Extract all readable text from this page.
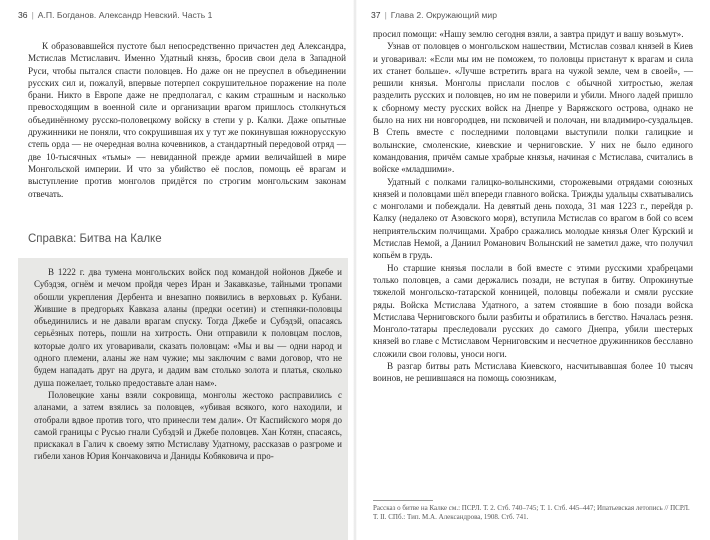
36 | А.П. Богданов. Александр Невский. Часть 1

К образовавшейся пустоте был непосредственно причастен дед Александра, Мстислав Мстиславич. Именно Удатный князь, бросив свои дела в Западной Руси, чтобы пытался спасти половцев. Но даже он не преуспел в объединении русских сил и, пожалуй, впервые потерпел сокрушительное поражение на поле брани. Никто в Европе даже не предполагал, с каким страшным и насколько превосходящим в военной силе и организации врагом пришлось столкнуться объединённому русско-половецкому войску в степи у р. Калки. Даже опытные дружинники не поняли, что сокрушившая их у тут же покинувшая южнорусскую степь орда — не очередная волна кочевников, а стандартный передовой отряд — две 10-тысячных «тьмы» — невиданной прежде армии величайшей в мире Монгольской империи. И что за убийство её послов, помощь её врагам и выступление против монголов придётся по строгим монгольским законам отвечать.

Справка: Битва на Калке

В 1222 г. два тумена монгольских войск под командой нойонов Джебе и Субэдэя, огнём и мечом пройдя через Иран и Закавказье, тайными тропами обошли укрепления Дербента и внезапно появились в верховьях р. Кубани. Жившие в предгорьях Кавказа аланы (предки осетин) и степняки-половцы объединились и не давали врагам спуску. Тогда Джебе и Субэдэй, опасаясь серьёзных потерь, пошли на хитрость. Они отправили к половцам послов, которые долго их уговаривали, сказать половцам: «Мы и вы — одни народ и одного племени, аланы же нам чужие; мы заключим с вами договор, что не будем нападать друг на друга, и дадим вам столько золота и платья, сколько душа пожелает, только предоставьте алан нам».

Половецкие ханы взяли сокровища, монголы жестоко расправились с аланами, а затем взялись за половцев, «убивая всякого, кого находили, и отобрали вдвое против того, что принесли тем дали». От Каспийского моря до самой границы с Русью гнали Субэдэй и Джебе половцев. Хан Котян, спасаясь, прискакал в Галич к своему зятю Мстиславу Удатному, рассказав о разгроме и гибели ханов Юрия Кончаковича и Даниды Кобяковича и про-

37 | Глава 2. Окружающий мир

просил помощи: «Нашу землю сегодня взяли, а завтра придут и вашу возьмут».

Узнав от половцев о монгольском нашествии, Мстислав созвал князей в Киев и уговаривал: «Если мы им не поможем, то половцы пристанут к врагам и сила их станет больше». «Лучше встретить врага на чужой земле, чем в своей», — решили князья. Монголы прислали послов с обычной хитростью, желая разделить русских и половцев, но им не поверили и убили. Много ладей пришло к сборному месту русских войск на Днепре у Варяжского острова, однако не было на них ни новгородцев, ни псковичей и полочан, ни владимиро-суздальцев. В Степь вместе с последними половцами выступили полки галицкие и волынские, смоленские, киевские и черниговские. У них не было единого командования, причём самые храбрые князья, начиная с Мстислава, считались в войске «младшими».

Удатный с полками галицко-волынскими, сторожевыми отрядами союзных князей и половцами шёл впереди главного войска. Трижды удальцы схватывались с монголами и побеждали. На девятый день похода, 31 мая 1223 г., перейдя р. Калку (недалеко от Азовского моря), вступила Мстислав со врагом в бой со всем неприятельским полчищами. Храбро сражались молодые князья Олег Курский и Мстислав Немой, а Даниил Романович Волынский не заметил даже, что получил копьём в грудь.

Но старшие князья послали в бой вместе с этими русскими храбрецами только половцев, а сами держались позади, не вступая в битву. Опрокинутые тяжелой монгольско-татарской конницей, половцы побежали и смяли русские ряды. Войска Мстислава Удатного, а затем стоявшие в бою позади войска Мстислава Черниговского были разбиты и обратились в бегство. Началась резня. Монголо-татары преследовали русских до самого Днепра, убили шестерых князей во главе с Мстиславом Черниговским и несчетное дружинников бесславно сложили свои головы, уноси ноги.

В разгар битвы рать Мстислава Киевского, насчитывавшая более 10 тысяч воинов, не решившаяся на помощь союзникам,

Рассказ о битве на Калке см.: ПСРЛ. Т. 2. Стб. 740–745; Т. 1. Стб. 445–447; Ипатьевская летопись // ПСРЛ. Т. II. СПб.: Тип. М.А. Александрова, 1908. Стб. 741.
